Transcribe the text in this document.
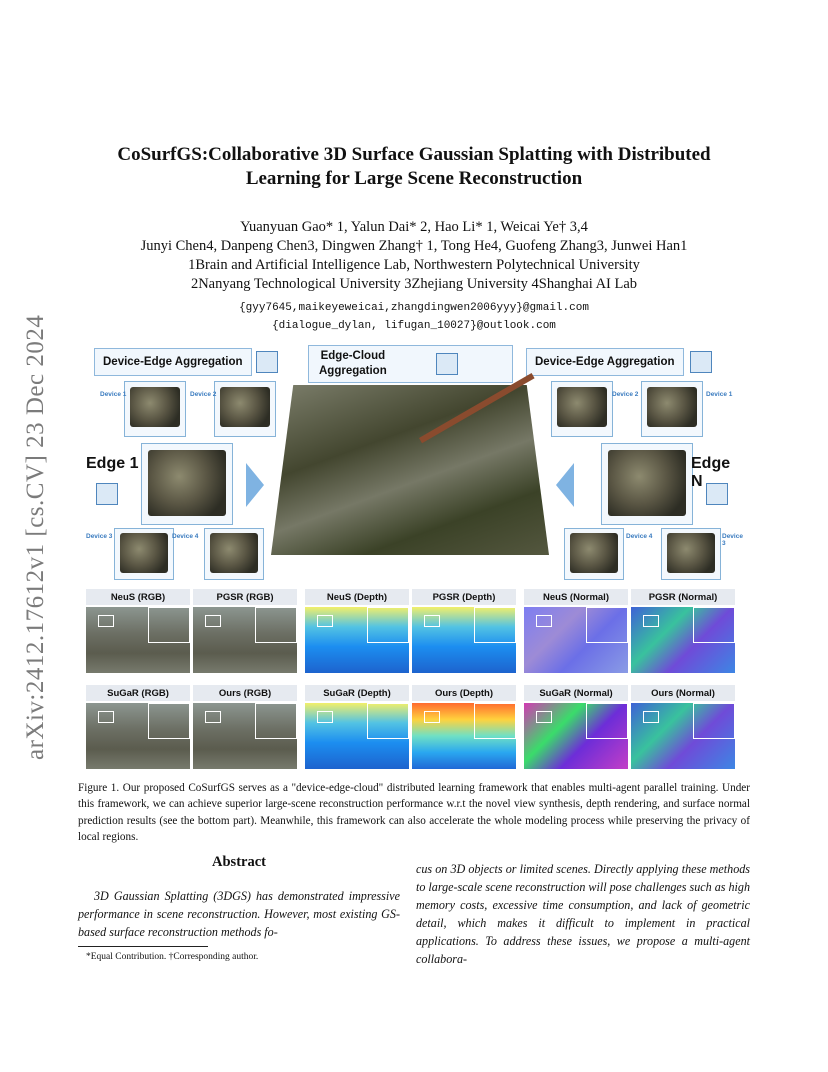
arXiv:2412.17612v1 [cs.CV] 23 Dec 2024
CoSurfGS:Collaborative 3D Surface Gaussian Splatting with Distributed
Learning for Large Scene Reconstruction
Yuanyuan Gao* 1, Yalun Dai* 2, Hao Li* 1, Weicai Ye† 3,4
Junyi Chen4, Danpeng Chen3, Dingwen Zhang† 1, Tong He4, Guofeng Zhang3, Junwei Han1
1Brain and Artificial Intelligence Lab, Northwestern Polytechnical University
2Nanyang Technological University 3Zhejiang University 4Shanghai AI Lab
{gyy7645,maikeyeweicai,zhangdingwen2006yyy}@gmail.com
{dialogue_dylan, lifugan_10027}@outlook.com
Device-Edge Aggregation	Edge-Cloud
Aggregation
Device-Edge Aggregation
Device 1	Device 2
Edge 1
Device 3	Device 4
Device 2	Device 1
Edge N
Device 4	Device 3
NeuS (RGB)	PGSR (RGB)	NeuS (Depth)	PGSR (Depth)	NeuS (Normal)	PGSR (Normal)
SuGaR (RGB)	Ours (RGB)	SuGaR (Depth)	Ours (Depth)	SuGaR (Normal)	Ours (Normal)
Figure 1. Our proposed CoSurfGS serves as a "device-edge-cloud" distributed learning framework that enables multi-agent parallel training. Under this framework, we can achieve superior large-scene reconstruction performance w.r.t the novel view synthesis, depth rendering, and surface normal prediction results (see the bottom part). Meanwhile, this framework can also accelerate the whole modeling process while preserving the privacy of local regions.
Abstract
3D Gaussian Splatting (3DGS) has demonstrated impressive performance in scene reconstruction. However, most existing GS-based surface reconstruction methods fo-
cus on 3D objects or limited scenes. Directly applying these methods to large-scale scene reconstruction will pose challenges such as high memory costs, excessive time consumption, and lack of geometric detail, which makes it difficult to implement in practical applications. To address these issues, we propose a multi-agent collabora-
*Equal Contribution. †Corresponding author.
